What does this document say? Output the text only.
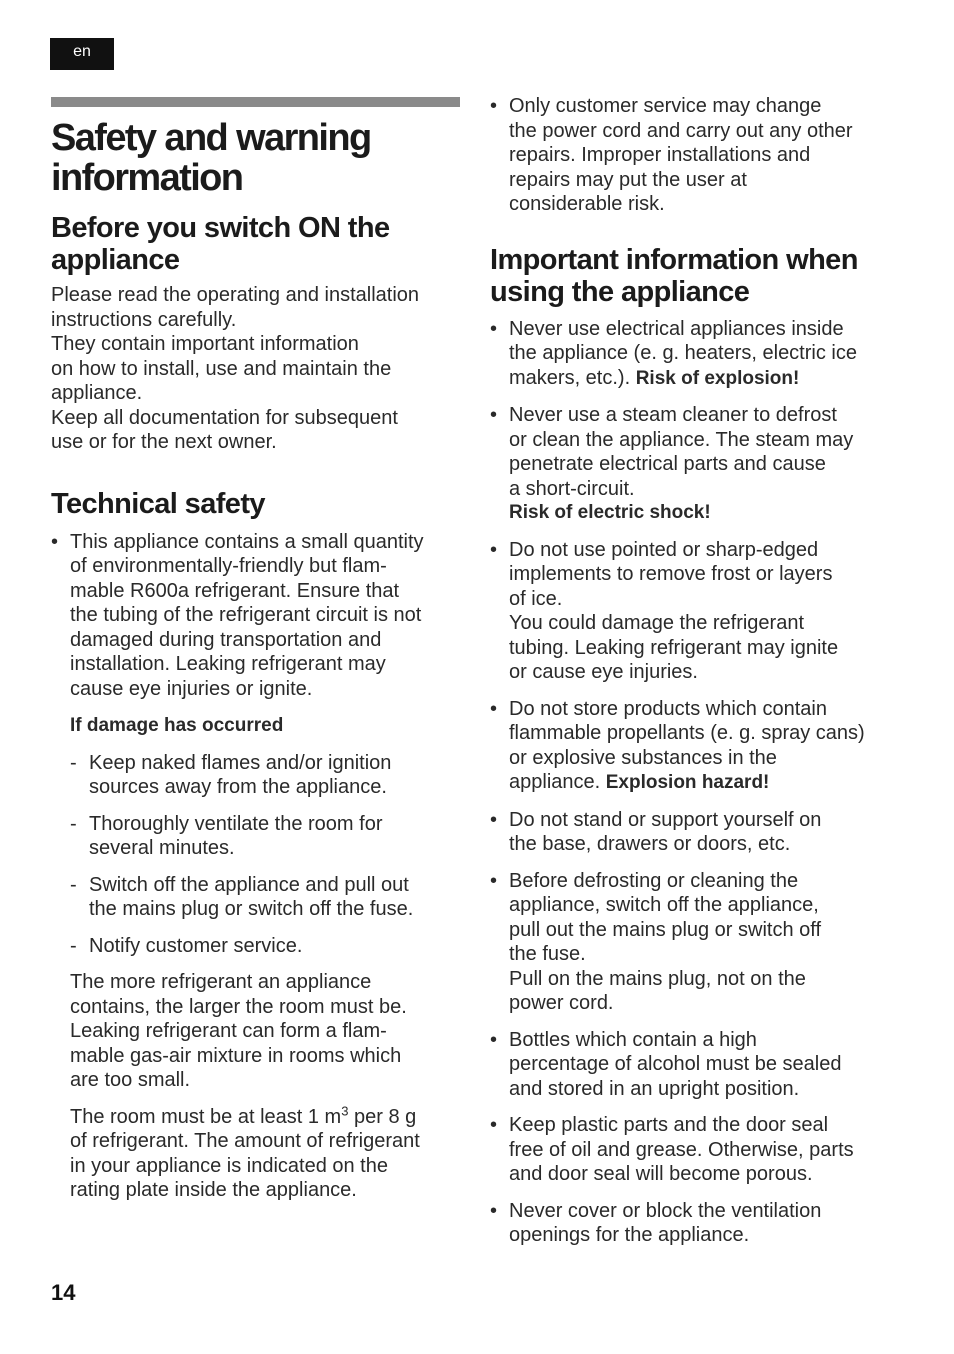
en
Safety and warning
information
Before you switch ON the
appliance

Please read the operating and installation
instructions carefully.
They contain important information
on how to install, use and maintain the
appliance.
Keep all documentation for subsequent
use or for the next owner.

Technical safety
• This appliance contains a small quantity
of environmentally-friendly but flam-
mable R600a refrigerant. Ensure that
the tubing of the refrigerant circuit is not
damaged during transportation and
installation. Leaking refrigerant may
cause eye injuries or ignite.

If damage has occurred

- Keep naked flames and/or ignition
sources away from the appliance.
- Thoroughly ventilate the room for
several minutes.
- Switch off the appliance and pull out
the mains plug or switch off the fuse.
- Notify customer service.

The more refrigerant an appliance
contains, the larger the room must be.
Leaking refrigerant can form a flam-
mable gas-air mixture in rooms which
are too small.

The room must be at least 1 $m^3$ per 8 g
of refrigerant. The amount of refrigerant
in your appliance is indicated on the
rating plate inside the appliance.

• Only customer service may change
the power cord and carry out any other
repairs. Improper installations and
repairs may put the user at
considerable risk.
Important information when
using the appliance
• Never use electrical appliances inside
the appliance (e. g. heaters, electric ice
makers, etc.). Risk of explosion!
• Never use a steam cleaner to defrost
or clean the appliance. The steam may
penetrate electrical parts and cause
a short-circuit.
Risk of electric shock!
• Do not use pointed or sharp-edged
implements to remove frost or layers
of ice.
You could damage the refrigerant
tubing. Leaking refrigerant may ignite
or cause eye injuries.
• Do not store products which contain
flammable propellants (e. g. spray cans)
or explosive substances in the
appliance. Explosion hazard!
• Do not stand or support yourself on
the base, drawers or doors, etc.
• Before defrosting or cleaning the
appliance, switch off the appliance,
pull out the mains plug or switch off
the fuse.
Pull on the mains plug, not on the
power cord.
• Bottles which contain a high
percentage of alcohol must be sealed
and stored in an upright position.
• Keep plastic parts and the door seal
free of oil and grease. Otherwise, parts
and door seal will become porous.
• Never cover or block the ventilation
openings for the appliance.
14
